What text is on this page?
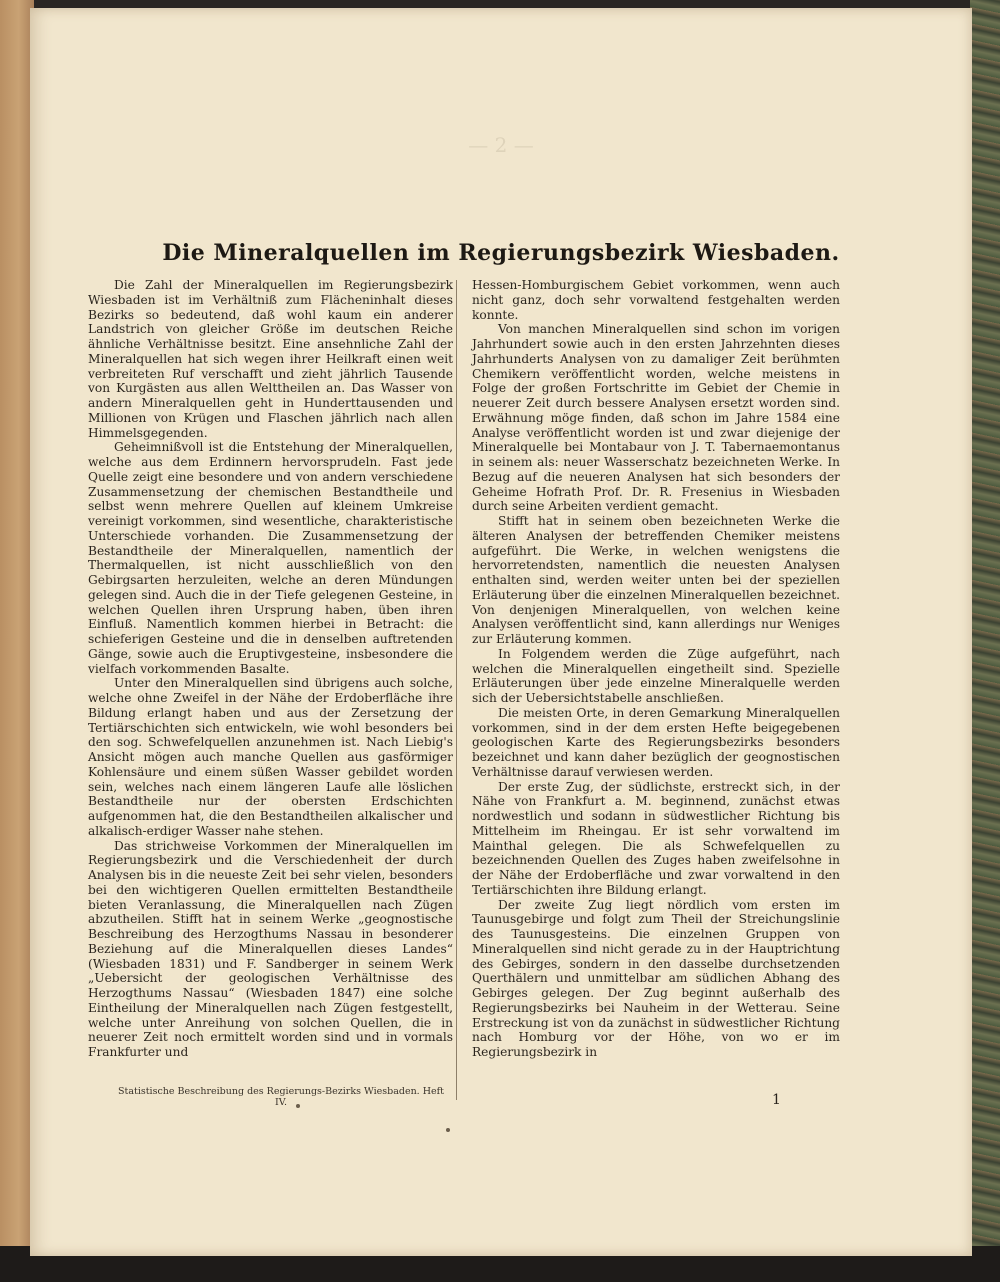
— 2 —
Die Mineralquellen im Regierungsbezirk Wiesbaden.

Die Zahl der Mineralquellen im Regierungsbezirk Wiesbaden ist im Verhältniß zum Flächeninhalt dieses Bezirks so bedeutend, daß wohl kaum ein anderer Landstrich von gleicher Größe im deutschen Reiche ähnliche Verhältnisse besitzt. Eine ansehnliche Zahl der Mineralquellen hat sich wegen ihrer Heilkraft einen weit verbreiteten Ruf verschafft und zieht jährlich Tausende von Kurgästen aus allen Welttheilen an. Das Wasser von andern Mineralquellen geht in Hunderttausenden und Millionen von Krügen und Flaschen jährlich nach allen Himmelsgegenden.

Geheimnißvoll ist die Entstehung der Mineralquellen, welche aus dem Erdinnern hervorsprudeln. Fast jede Quelle zeigt eine besondere und von andern verschiedene Zusammensetzung der chemischen Bestandtheile und selbst wenn mehrere Quellen auf kleinem Umkreise vereinigt vorkommen, sind wesentliche, charakteristische Unterschiede vorhanden. Die Zusammensetzung der Bestandtheile der Mineralquellen, namentlich der Thermalquellen, ist nicht ausschließlich von den Gebirgsarten herzuleiten, welche an deren Mündungen gelegen sind. Auch die in der Tiefe gelegenen Gesteine, in welchen Quellen ihren Ursprung haben, üben ihren Einfluß. Namentlich kommen hierbei in Betracht: die schieferigen Gesteine und die in denselben auftretenden Gänge, sowie auch die Eruptivgesteine, insbesondere die vielfach vorkommenden Basalte.

Unter den Mineralquellen sind übrigens auch solche, welche ohne Zweifel in der Nähe der Erdoberfläche ihre Bildung erlangt haben und aus der Zersetzung der Tertiärschichten sich entwickeln, wie wohl besonders bei den sog. Schwefelquellen anzunehmen ist. Nach Liebig's Ansicht mögen auch manche Quellen aus gasförmiger Kohlensäure und einem süßen Wasser gebildet worden sein, welches nach einem längeren Laufe alle löslichen Bestandtheile nur der obersten Erdschichten aufgenommen hat, die den Bestandtheilen alkalischer und alkalisch-erdiger Wasser nahe stehen.

Das strichweise Vorkommen der Mineralquellen im Regierungsbezirk und die Verschiedenheit der durch Analysen bis in die neueste Zeit bei sehr vielen, besonders bei den wichtigeren Quellen ermittelten Bestandtheile bieten Veranlassung, die Mineralquellen nach Zügen abzutheilen. Stifft hat in seinem Werke „geognostische Beschreibung des Herzogthums Nassau in besonderer Beziehung auf die Mineralquellen dieses Landes“ (Wiesbaden 1831) und F. Sandberger in seinem Werk „Uebersicht der geologischen Verhältnisse des Herzogthums Nassau“ (Wiesbaden 1847) eine solche Eintheilung der Mineralquellen nach Zügen festgestellt, welche unter Anreihung von solchen Quellen, die in neuerer Zeit noch ermittelt worden sind und in vormals Frankfurter und

Hessen-Homburgischem Gebiet vorkommen, wenn auch nicht ganz, doch sehr vorwaltend festgehalten werden konnte.

Von manchen Mineralquellen sind schon im vorigen Jahrhundert sowie auch in den ersten Jahrzehnten dieses Jahrhunderts Analysen von zu damaliger Zeit berühmten Chemikern veröffentlicht worden, welche meistens in Folge der großen Fortschritte im Gebiet der Chemie in neuerer Zeit durch bessere Analysen ersetzt worden sind. Erwähnung möge finden, daß schon im Jahre 1584 eine Analyse veröffentlicht worden ist und zwar diejenige der Mineralquelle bei Montabaur von J. T. Tabernaemontanus in seinem als: neuer Wasserschatz bezeichneten Werke. In Bezug auf die neueren Analysen hat sich besonders der Geheime Hofrath Prof. Dr. R. Fresenius in Wiesbaden durch seine Arbeiten verdient gemacht.

Stifft hat in seinem oben bezeichneten Werke die älteren Analysen der betreffenden Chemiker meistens aufgeführt. Die Werke, in welchen wenigstens die hervorretendsten, namentlich die neuesten Analysen enthalten sind, werden weiter unten bei der speziellen Erläuterung über die einzelnen Mineralquellen bezeichnet. Von denjenigen Mineralquellen, von welchen keine Analysen veröffentlicht sind, kann allerdings nur Weniges zur Erläuterung kommen.

In Folgendem werden die Züge aufgeführt, nach welchen die Mineralquellen eingetheilt sind. Spezielle Erläuterungen über jede einzelne Mineralquelle werden sich der Uebersichtstabelle anschließen.

Die meisten Orte, in deren Gemarkung Mineralquellen vorkommen, sind in der dem ersten Hefte beigegebenen geologischen Karte des Regierungsbezirks besonders bezeichnet und kann daher bezüglich der geognostischen Verhältnisse darauf verwiesen werden.

Der erste Zug, der südlichste, erstreckt sich, in der Nähe von Frankfurt a. M. beginnend, zunächst etwas nordwestlich und sodann in südwestlicher Richtung bis Mittelheim im Rheingau. Er ist sehr vorwaltend im Mainthal gelegen. Die als Schwefelquellen zu bezeichnenden Quellen des Zuges haben zweifelsohne in der Nähe der Erdoberfläche und zwar vorwaltend in den Tertiärschichten ihre Bildung erlangt.

Der zweite Zug liegt nördlich vom ersten im Taunusgebirge und folgt zum Theil der Streichungslinie des Taunusgesteins. Die einzelnen Gruppen von Mineralquellen sind nicht gerade zu in der Hauptrichtung des Gebirges, sondern in den dasselbe durchsetzenden Querthälern und unmittelbar am südlichen Abhang des Gebirges gelegen. Der Zug beginnt außerhalb des Regierungsbezirks bei Nauheim in der Wetterau. Seine Erstreckung ist von da zunächst in südwestlicher Richtung nach Homburg vor der Höhe, von wo er im Regierungsbezirk in

Statistische Beschreibung des Regierungs-Bezirks Wiesbaden. Heft IV.	1
